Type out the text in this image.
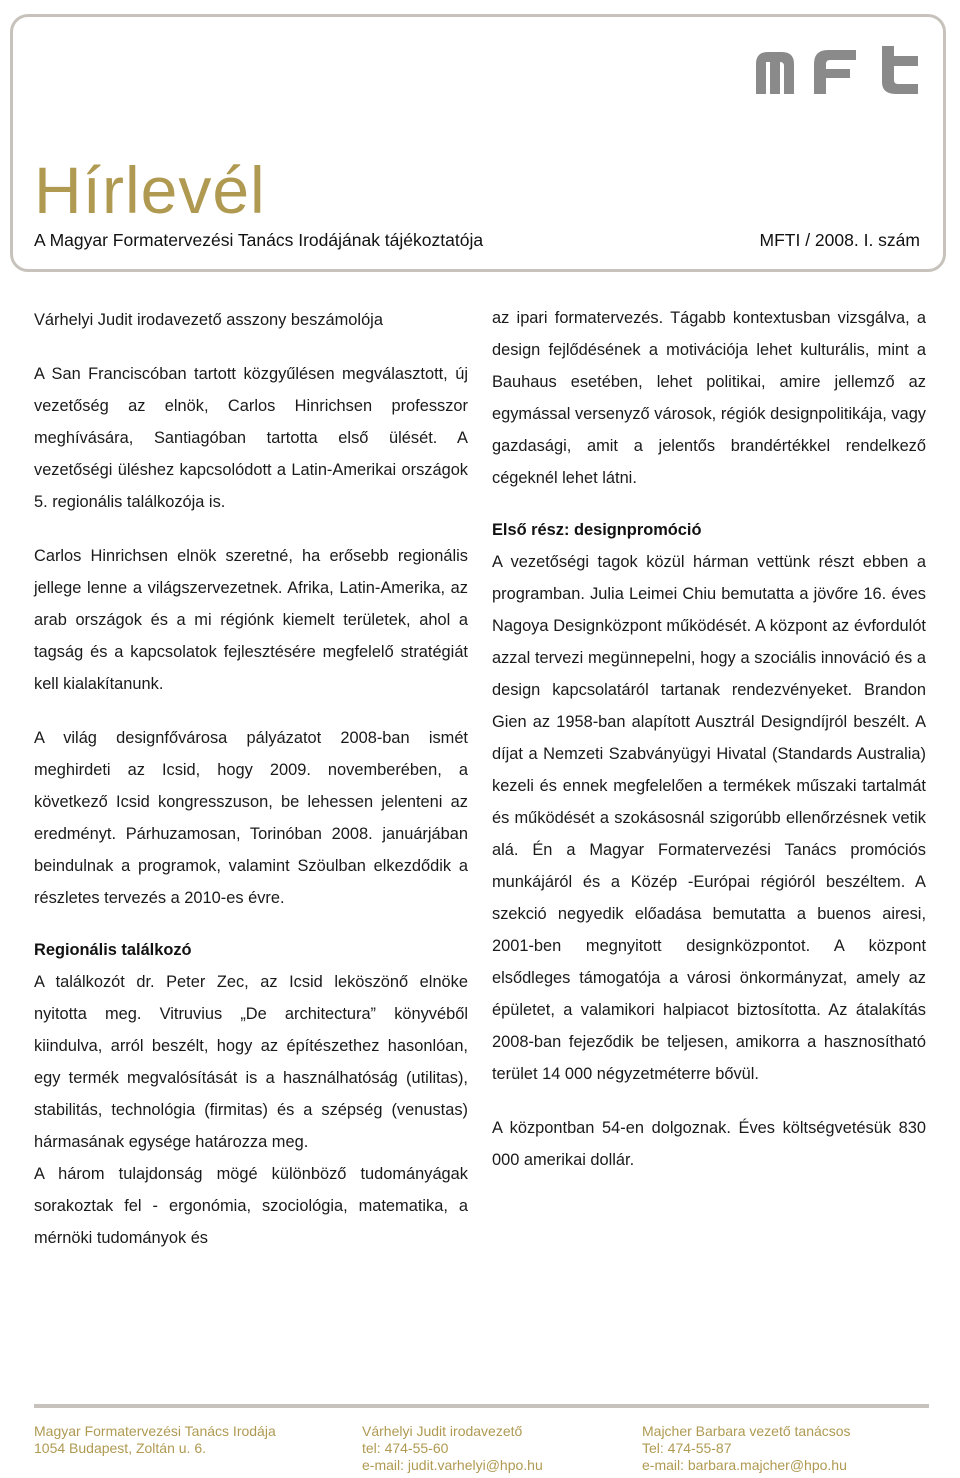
Hírlevél
A Magyar Formatervezési Tanács Irodájának tájékoztatója	MFTI / 2008. I. szám

Várhelyi Judit irodavezető asszony beszámolója

A San Franciscóban tartott közgyűlésen megválasztott, új vezetőség az elnök, Carlos Hinrichsen professzor meghívására, Santiagóban tartotta első ülését. A vezetőségi üléshez kapcsolódott a Latin-Amerikai országok 5. regionális találkozója is.

Carlos Hinrichsen elnök szeretné, ha erősebb regionális jellege lenne a világszervezetnek. Afrika, Latin-Amerika, az arab országok és a mi régiónk kiemelt területek, ahol a tagság és a kapcsolatok fejlesztésére megfelelő stratégiát kell kialakítanunk.

A világ designfővárosa pályázatot 2008-ban ismét meghirdeti az Icsid, hogy 2009. novemberében, a következő Icsid kongresszuson, be lehessen jelenteni az eredményt. Párhuzamosan, Torinóban 2008. januárjában beindulnak a programok, valamint Szöulban elkezdődik a részletes tervezés a 2010-es évre.

Regionális találkozó

A találkozót dr. Peter Zec, az Icsid leköszönő elnöke nyitotta meg. Vitruvius „De architectura” könyvéből kiindulva, arról beszélt, hogy az építészethez hasonlóan, egy termék megvalósítását is a használhatóság (utilitas), stabilitás, technológia (firmitas) és a szépség (venustas) hármasának egysége határozza meg.

A három tulajdonság mögé különböző tudományágak sorakoztak fel - ergonómia, szociológia, matematika, a mérnöki tudományok és

az ipari formatervezés. Tágabb kontextusban vizsgálva, a design fejlődésének a motivációja lehet kulturális, mint a Bauhaus esetében, lehet politikai, amire jellemző az egymással versenyző városok, régiók designpolitikája, vagy gazdasági, amit a jelentős brandértékkel rendelkező cégeknél lehet látni.

Első rész: designpromóció

A vezetőségi tagok közül hárman vettünk részt ebben a programban. Julia Leimei Chiu bemutatta a jövőre 16. éves Nagoya Designközpont működését. A központ az évfordulót azzal tervezi megünnepelni, hogy a szociális innováció és a design kapcsolatáról tartanak rendezvényeket. Brandon Gien az 1958-ban alapított Ausztrál Designdíjról beszélt. A díjat a Nemzeti Szabványügyi Hivatal (Standards Australia) kezeli és ennek megfelelően a termékek műszaki tartalmát és működését a szokásosnál szigorúbb ellenőrzésnek vetik alá. Én a Magyar Formatervezési Tanács promóciós munkájáról és a Közép -Európai régióról beszéltem. A szekció negyedik előadása bemutatta a buenos airesi, 2001-ben megnyitott designközpontot. A központ elsődleges támogatója a városi önkormányzat, amely az épületet, a valamikori halpiacot biztosította. Az átalakítás 2008-ban fejeződik be teljesen, amikorra a hasznosítható terület 14 000 négyzetméterre bővül.

A központban 54-en dolgoznak. Éves költségvetésük 830 000 amerikai dollár.

Magyar Formatervezési Tanács Irodája
1054 Budapest, Zoltán u. 6.
Várhelyi Judit irodavezető
tel: 474-55-60
e-mail: judit.varhelyi@hpo.hu
Majcher Barbara vezető tanácsos
Tel: 474-55-87
e-mail: barbara.majcher@hpo.hu
